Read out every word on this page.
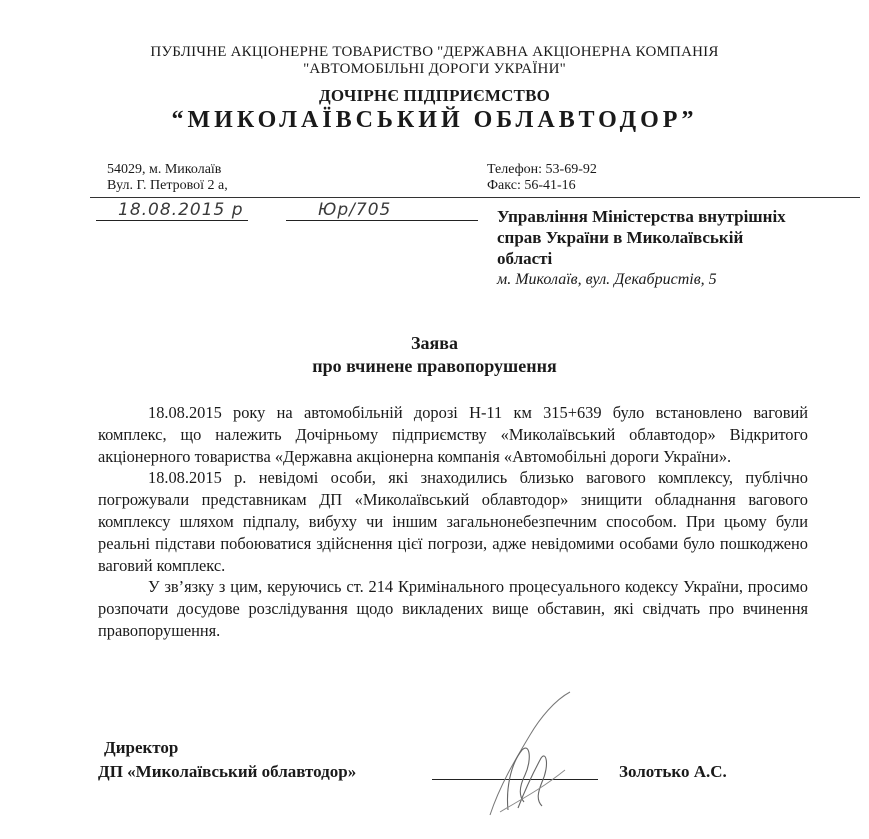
ПУБЛІЧНЕ АКЦІОНЕРНЕ ТОВАРИСТВО "ДЕРЖАВНА АКЦІОНЕРНА КОМПАНІЯ
"АВТОМОБІЛЬНІ ДОРОГИ УКРАЇНИ"
ДОЧІРНЄ ПІДПРИЄМСТВО
“МИКОЛАЇВСЬКИЙ ОБЛАВТОДОР”
54029, м. Миколаїв
Вул. Г. Петрової 2 а,
Телефон: 53-69-92
Факс: 56-41-16
18.08.2015 р	Юр/705	Управління Міністерства внутрішніх
справ України в Миколаївській
області
м. Миколаїв, вул. Декабристів, 5
Заява
про вчинене правопорушення

18.08.2015 року на автомобільній дорозі Н-11 км 315+639 було встановлено ваговий комплекс, що належить Дочірньому підприємству «Миколаївський облавтодор» Відкритого акціонерного товариства «Державна акціонерна компанія «Автомобільні дороги України».

18.08.2015 р. невідомі особи, які знаходились близько вагового комплексу, публічно погрожували представникам ДП «Миколаївський облавтодор» знищити обладнання вагового комплексу шляхом підпалу, вибуху чи іншим загальнонебезпечним способом. При цьому були реальні підстави побоюватися здійснення цієї погрози, адже невідомими особами було пошкоджено ваговий комплекс.

У зв’язку з цим, керуючись ст. 214 Кримінального процесуального кодексу України, просимо розпочати досудове розслідування щодо викладених вище обставин, які свідчать про вчинення правопорушення.

Директор
ДП «Миколаївський облавтодор»	Золотько А.С.
